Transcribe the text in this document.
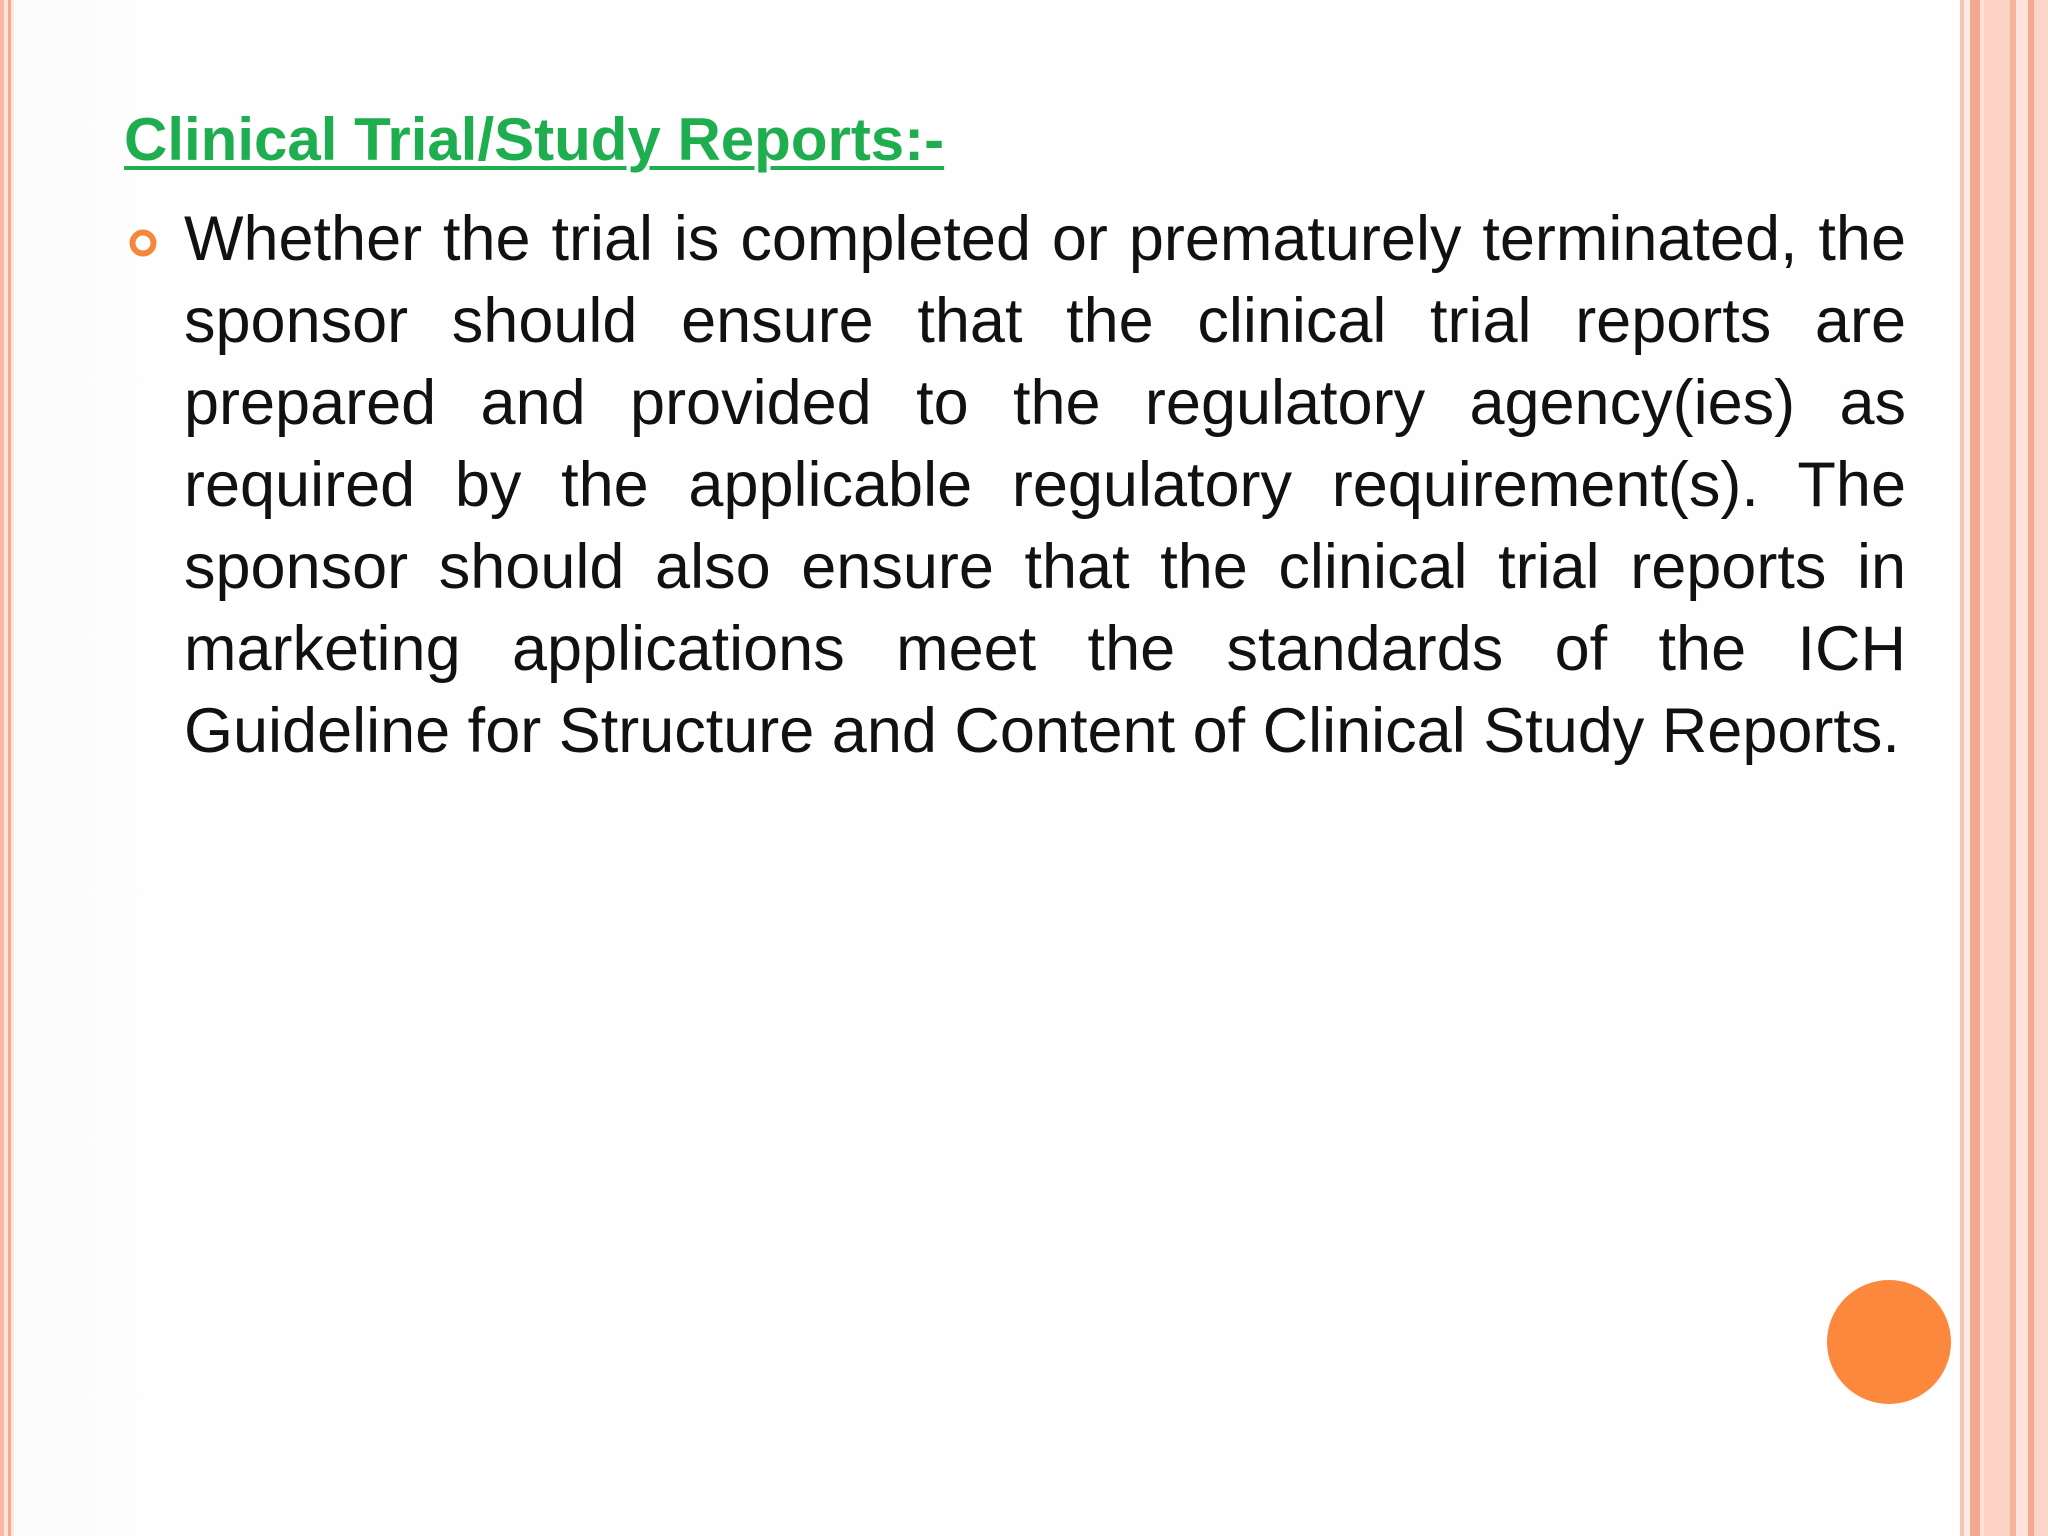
Clinical Trial/Study Reports:-

Whether the trial is completed or prematurely terminated, the sponsor should ensure that the clinical trial reports are prepared and provided to the regulatory agency(ies) as required by the applicable regulatory requirement(s). The sponsor should also ensure that the clinical trial reports in marketing applications meet the standards of the ICH Guideline for Structure and Content of Clinical Study Reports.
